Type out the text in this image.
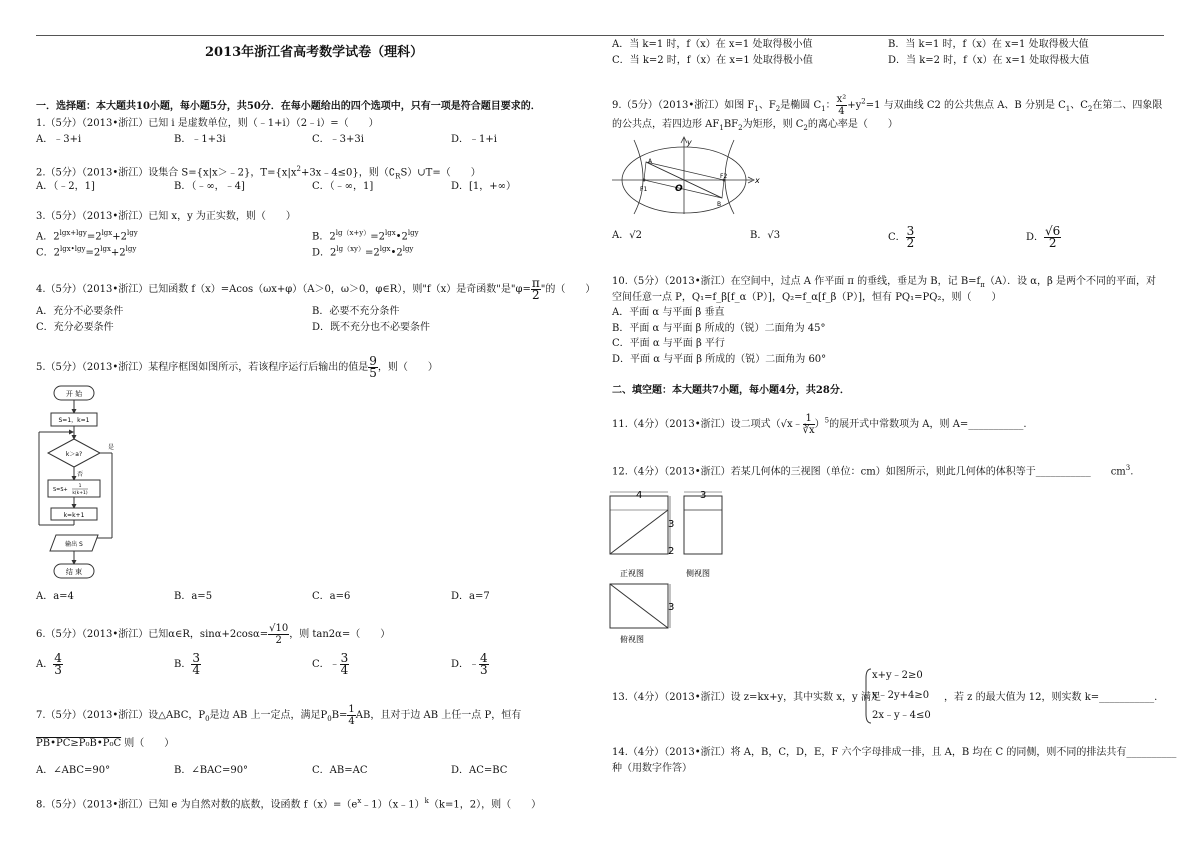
2013年浙江省高考数学试卷（理科）
一．选择题：本大题共10小题，每小题5分，共50分．在每小题给出的四个选项中，只有一项是符合题目要求的．
1.（5分）（2013•浙江）已知 i 是虚数单位，则（﹣1+i）（2﹣i）=（　　）
A．﹣3+i	B．﹣1+3i	C．﹣3+3i	D．﹣1+i
2.（5分）（2013•浙江）设集合 S={x|x＞﹣2}，$T=\{x|x^2+3x﹣4\le 0\}$，则$(∁_RS)\cup T=$（　　）
A．（﹣2，1]	B．（﹣∞，﹣4]	C．（﹣∞，1]	D．[1，+∞）
3.（5分）（2013•浙江）已知 x，y 为正实数，则（　　）
A．$2^{lgx+lgy}=2^{lgx}+2^{lgy}$	B．$2^{lg(x+y)}=2^{lgx}•2^{lgy}$
C．$2^{lgx•lgy}=2^{lgx}+2^{lgy}$	D．$2^{lg(xy)}=2^{lgx}•2^{lgy}$
4.（5分）（2013•浙江）已知函数 f（x）=Acos（ωx+φ）（A＞0，ω＞0，φ∈R），则"f（x）是奇函数"是"$\varphi= \frac{\pi}{2}$ "的（　　）
A．充分不必要条件	B．必要不充分条件
C．充分必要条件	D．既不充分也不必要条件
5.（5分）（2013•浙江）某程序框图如图所示，若该程序运行后输出的值是 $\frac{9}{5}$ ，则（　　）
开 始
S=1，k=1
k＞a?
是
否
S=S+
1
k(k+1)
k=k+1
输出 S
结 束
A．a=4	B．a=5	C．a=6	D．a=7
6.（5分）（2013•浙江）已知α∈R，$\sin\alpha+2\cos\alpha= \frac{√10}{2}$ ，则 tan2α=（　　）
A． $\frac{4}{3}$	B． $\frac{3}{4}$	C．﹣ $\frac{3}{4}$	D．﹣ $\frac{4}{3}$
7.（5分）（2013•浙江）设△ABC，$P_0$是边 AB 上一定点，满足$P_0B= \frac{1}{4}$ AB，且对于边 AB 上任一点 P，恒有
PB•PC≥P₀B•P₀C 则（　　）
A．∠ABC=90°	B．∠BAC=90°	C．AB=AC	D．AC=BC
8.（5分）（2013•浙江）已知 e 为自然对数的底数，设函数 $f(x)=(e^x﹣1)(x﹣1)^k(k=1$，2），则（　　）
A．当 k=1 时，f（x）在 x=1 处取得极小值	B．当 k=1 时，f（x）在 x=1 处取得极大值
C．当 k=2 时，f（x）在 x=1 处取得极小值	D．当 k=2 时，f（x）在 x=1 处取得极大值
9.（5分）（2013•浙江）如图 $F_1$、$F_2$是椭圆 $C_1$： $\frac{\text{x²}}{4} +y^2=1$ 与双曲线 C2 的公共焦点 A、B 分别是 $C_1$、$C_2$在第二、四象限
的公共点，若四边形 $AF_1BF_2$为矩形，则 $C_2$的离心率是（　　）
y
x
O
A
B
F1
F2
A．√2	B．√3	C． $\frac{3}{2}$	D． $\frac{√6}{2}$
10.（5分）（2013•浙江）在空间中，过点 A 作平面 π 的垂线，垂足为 B，记 $B=f_\pi(A)$．设 α，β 是两个不同的平面，对
空间任意一点 P，Q₁=f_β[f_α（P）]，Q₂=f_α[f_β（P）]，恒有 PQ₁=PQ₂，则（　　）
A．平面 α 与平面 β 垂直
B．平面 α 与平面 β 所成的（锐）二面角为 45°
C．平面 α 与平面 β 平行
D．平面 α 与平面 β 所成的（锐）二面角为 60°
二、填空题：本大题共7小题，每小题4分，共28分．
11.（4分）（2013•浙江）设二项式（√x﹣ $\frac{1}{∛x} )^5$的展开式中常数项为 A，则 A=___________.
12.（4分）（2013•浙江）若某几何体的三视图（单位：cm）如图所示，则此几何体的体积等于___________　　 $cm^3$.
4	3
3
2
3
正视图	侧视图
俯视图
13.（4分）（2013•浙江）设 z=kx+y，其中实数 x，y 满足
x+y﹣2≥0
x﹣2y+4≥0
2x﹣y﹣4≤0
，若 z 的最大值为 12，则实数 k=___________.
14.（4分）（2013•浙江）将 A，B，C，D，E，F 六个字母排成一排，且 A，B 均在 C 的同侧，则不同的排法共有__________
种（用数字作答）
